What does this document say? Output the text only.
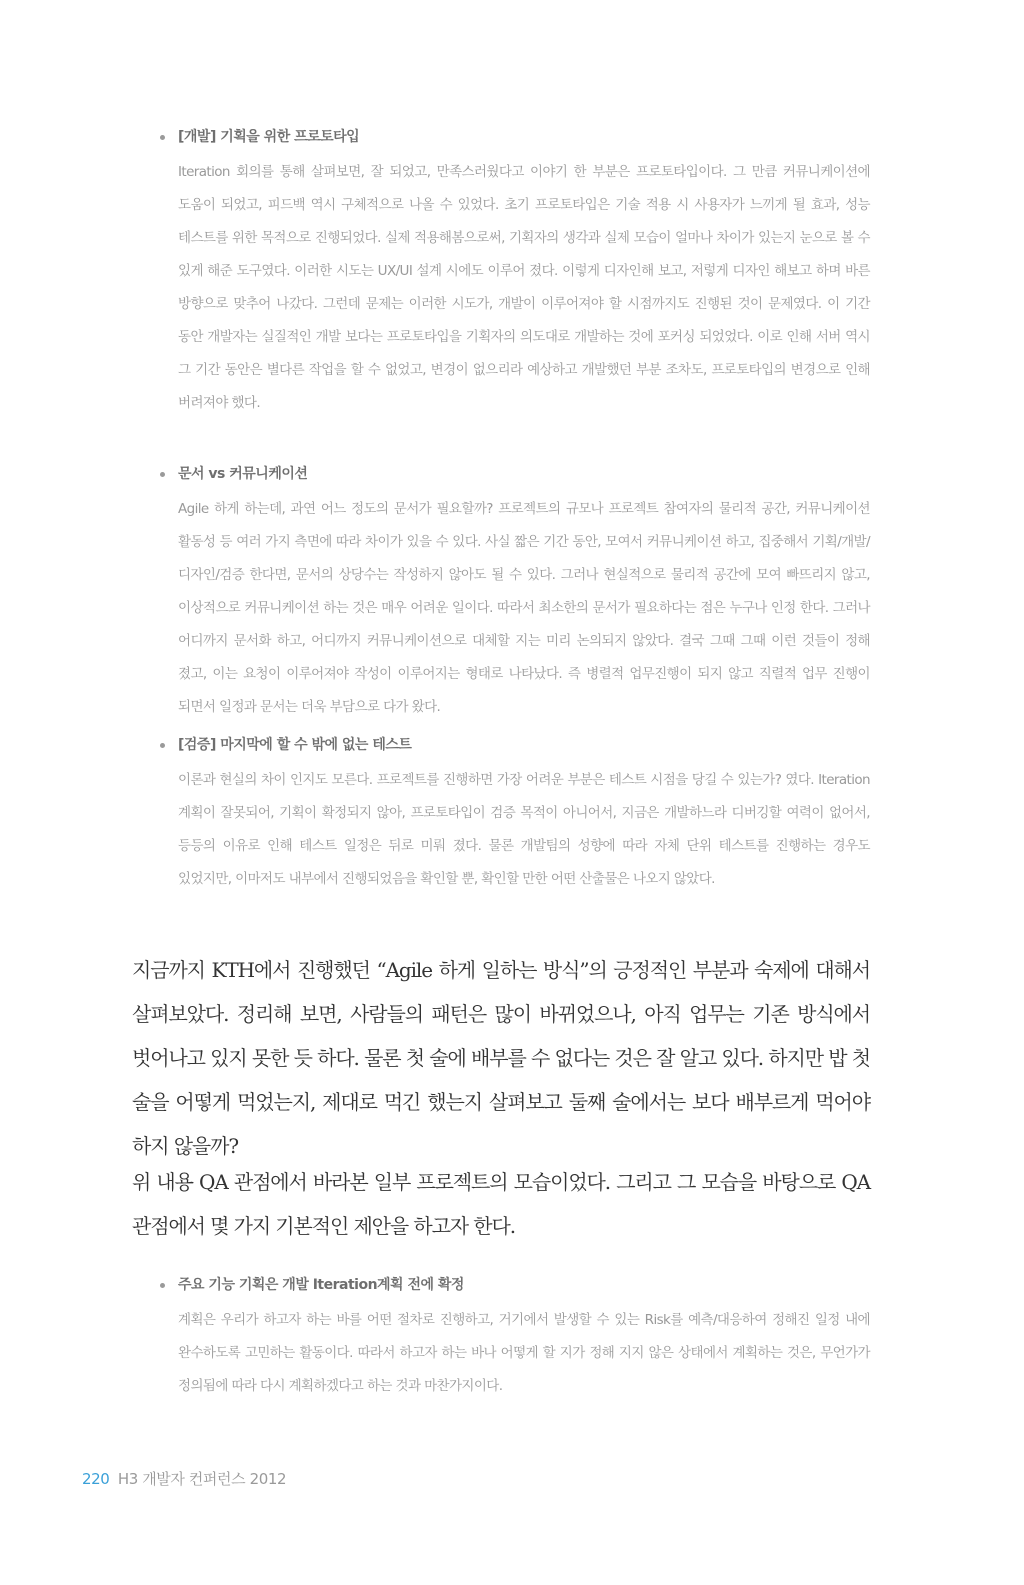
[개발] 기획을 위한 프로토타입
Iteration 회의를 통해 살펴보면, 잘 되었고, 만족스러웠다고 이야기 한 부분은 프로토타입이다. 그 만큼 커뮤니케이션에 도움이 되었고, 피드백 역시 구체적으로 나올 수 있었다. 초기 프로토타입은 기술 적용 시 사용자가 느끼게 될 효과, 성능 테스트를 위한 목적으로 진행되었다. 실제 적용해봄으로써, 기획자의 생각과 실제 모습이 얼마나 차이가 있는지 눈으로 볼 수 있게 해준 도구였다. 이러한 시도는 UX/UI 설계 시에도 이루어 졌다. 이렇게 디자인해 보고, 저렇게 디자인 해보고 하며 바른 방향으로 맞추어 나갔다. 그런데 문제는 이러한 시도가, 개발이 이루어져야 할 시점까지도 진행된 것이 문제였다. 이 기간 동안 개발자는 실질적인 개발 보다는 프로토타입을 기획자의 의도대로 개발하는 것에 포커싱 되었었다. 이로 인해 서버 역시 그 기간 동안은 별다른 작업을 할 수 없었고, 변경이 없으리라 예상하고 개발했던 부분 조차도, 프로토타입의 변경으로 인해 버려져야 했다.
문서 vs 커뮤니케이션
Agile 하게 하는데, 과연 어느 정도의 문서가 필요할까? 프로젝트의 규모나 프로젝트 참여자의 물리적 공간, 커뮤니케이션 활동성 등 여러 가지 측면에 따라 차이가 있을 수 있다. 사실 짧은 기간 동안, 모여서 커뮤니케이션 하고, 집중해서 기획/개발/디자인/검증 한다면, 문서의 상당수는 작성하지 않아도 될 수 있다. 그러나 현실적으로 물리적 공간에 모여 빠뜨리지 않고, 이상적으로 커뮤니케이션 하는 것은 매우 어려운 일이다. 따라서 최소한의 문서가 필요하다는 점은 누구나 인정 한다. 그러나 어디까지 문서화 하고, 어디까지 커뮤니케이션으로 대체할 지는 미리 논의되지 않았다. 결국 그때 그때 이런 것들이 정해 졌고, 이는 요청이 이루어져야 작성이 이루어지는 형태로 나타났다. 즉 병렬적 업무진행이 되지 않고 직렬적 업무 진행이 되면서 일정과 문서는 더욱 부담으로 다가 왔다.
[검증] 마지막에 할 수 밖에 없는 테스트
이론과 현실의 차이 인지도 모른다. 프로젝트를 진행하면 가장 어려운 부분은 테스트 시점을 당길 수 있는가? 였다. Iteration 계획이 잘못되어, 기획이 확정되지 않아, 프로토타입이 검증 목적이 아니어서, 지금은 개발하느라 디버깅할 여력이 없어서, 등등의 이유로 인해 테스트 일정은 뒤로 미뤄 졌다. 물론 개발팀의 성향에 따라 자체 단위 테스트를 진행하는 경우도 있었지만, 이마저도 내부에서 진행되었음을 확인할 뿐, 확인할 만한 어떤 산출물은 나오지 않았다.
지금까지 KTH에서 진행했던 “Agile 하게 일하는 방식”의 긍정적인 부분과 숙제에 대해서 살펴보았다. 정리해 보면, 사람들의 패턴은 많이 바뀌었으나, 아직 업무는 기존 방식에서 벗어나고 있지 못한 듯 하다. 물론 첫 술에 배부를 수 없다는 것은 잘 알고 있다. 하지만 밥 첫 술을 어떻게 먹었는지, 제대로 먹긴 했는지 살펴보고 둘째 술에서는 보다 배부르게 먹어야 하지 않을까?
위 내용 QA 관점에서 바라본 일부 프로젝트의 모습이었다. 그리고 그 모습을 바탕으로 QA 관점에서 몇 가지 기본적인 제안을 하고자 한다.
주요 기능 기획은 개발 Iteration계획 전에 확정
계획은 우리가 하고자 하는 바를 어떤 절차로 진행하고, 거기에서 발생할 수 있는 Risk를 예측/대응하여 정해진 일정 내에 완수하도록 고민하는 활동이다. 따라서 하고자 하는 바나 어떻게 할 지가 정해 지지 않은 상태에서 계획하는 것은, 무언가가 정의됨에 따라 다시 계획하겠다고 하는 것과 마찬가지이다.
220 H3 개발자 컨퍼런스 2012
